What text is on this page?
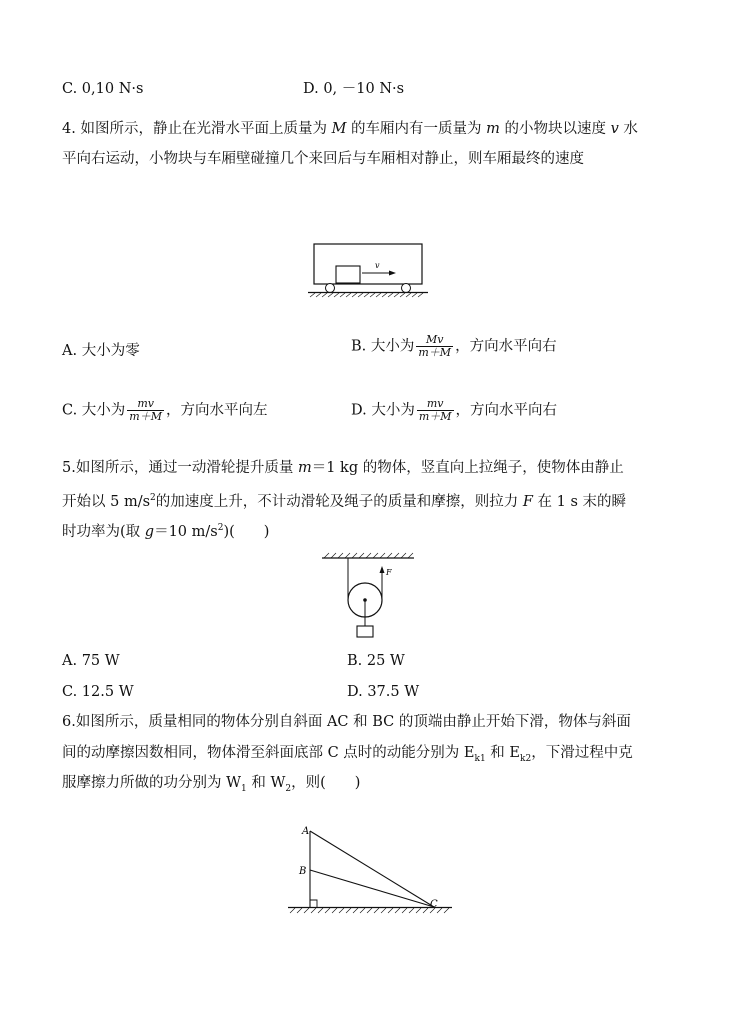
C. 0,10 N·s	D. 0, －10 N·s
4. 如图所示，静止在光滑水平面上质量为 M 的车厢内有一质量为 m 的小物块以速度 v 水
平向右运动，小物块与车厢壁碰撞几个来回后与车厢相对静止，则车厢最终的速度
v
A. 大小为零	B. 大小为 $\frac{Mv}{m+M}$ ，方向水平向右
C. 大小为 $\frac{mv}{m+M}$ ，方向水平向左	D. 大小为 $\frac{mv}{m+M}$ ，方向水平向右
5.如图所示，通过一动滑轮提升质量 m＝1 kg 的物体，竖直向上拉绳子，使物体由静止
开始以 5 $m/s^2$的加速度上升，不计动滑轮及绳子的质量和摩擦，则拉力 F 在 1 s 末的瞬
时功率为(取 g＝10 $m/s^2$)(　　)
F
A. 75 W	B. 25 W
C. 12.5 W	D. 37.5 W
6.如图所示，质量相同的物体分别自斜面 AC 和 BC 的顶端由静止开始下滑，物体与斜面
间的动摩擦因数相同，物体滑至斜面底部 C 点时的动能分别为 $E_{k1}$ 和 $E_{k2}$，下滑过程中克
服摩擦力所做的功分别为 $W_1$ 和 $W_2$，则(　　)
A
B
C
